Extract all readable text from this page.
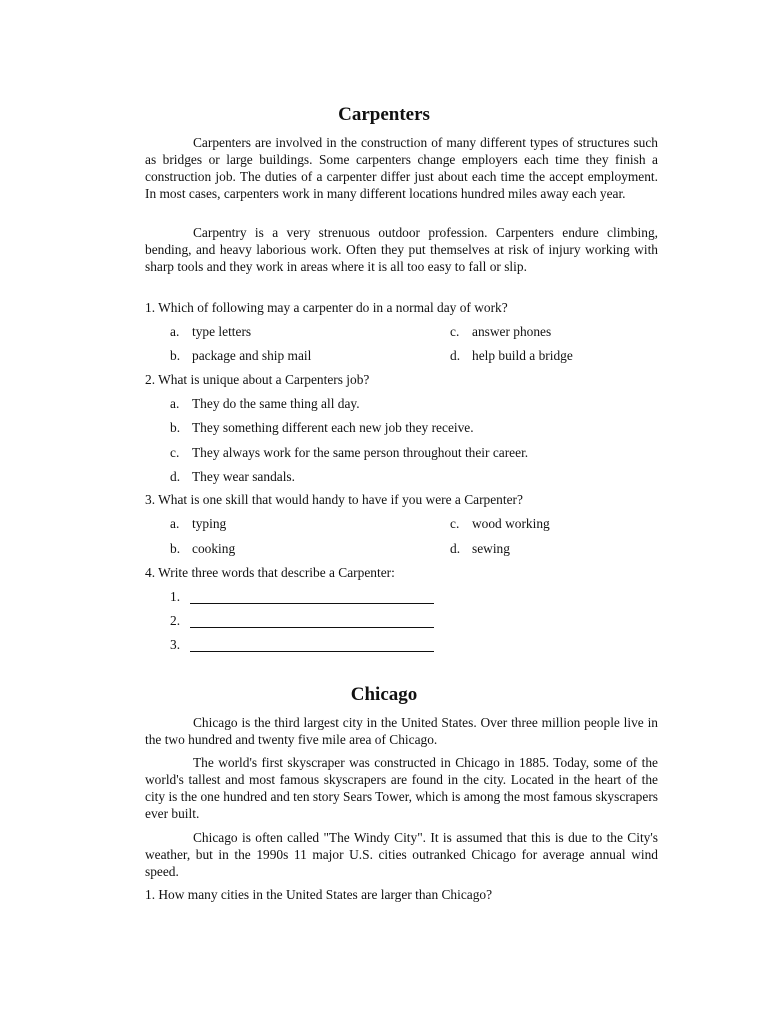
Carpenters
Carpenters are involved in the construction of many different types of structures such as bridges or large buildings. Some carpenters change employers each time they finish a construction job. The duties of a carpenter differ just about each time the accept employment. In most cases, carpenters work in many different locations hundred miles away each year.
Carpentry is a very strenuous outdoor profession. Carpenters endure climbing, bending, and heavy laborious work. Often they put themselves at risk of injury working with sharp tools and they work in areas where it is all too easy to fall or slip.
1. Which of following may a carpenter do in a normal day of work?
a. type letters	c. answer phones
b. package and ship mail	d. help build a bridge
2. What is unique about a Carpenters job?
a. They do the same thing all day.
b. They something different each new job they receive.
c. They always work for the same person throughout their career.
d. They wear sandals.
3. What is one skill that would handy to have if you were a Carpenter?
a. typing	c. wood working
b. cooking	d. sewing
4. Write three words that describe a Carpenter:
1.
2.
3.
Chicago
Chicago is the third largest city in the United States. Over three million people live in the two hundred and twenty five mile area of Chicago.
The world's first skyscraper was constructed in Chicago in 1885. Today, some of the world's tallest and most famous skyscrapers are found in the city. Located in the heart of the city is the one hundred and ten story Sears Tower, which is among the most famous skyscrapers ever built.
Chicago is often called "The Windy City". It is assumed that this is due to the City's weather, but in the 1990s 11 major U.S. cities outranked Chicago for average annual wind speed.
1. How many cities in the United States are larger than Chicago?
